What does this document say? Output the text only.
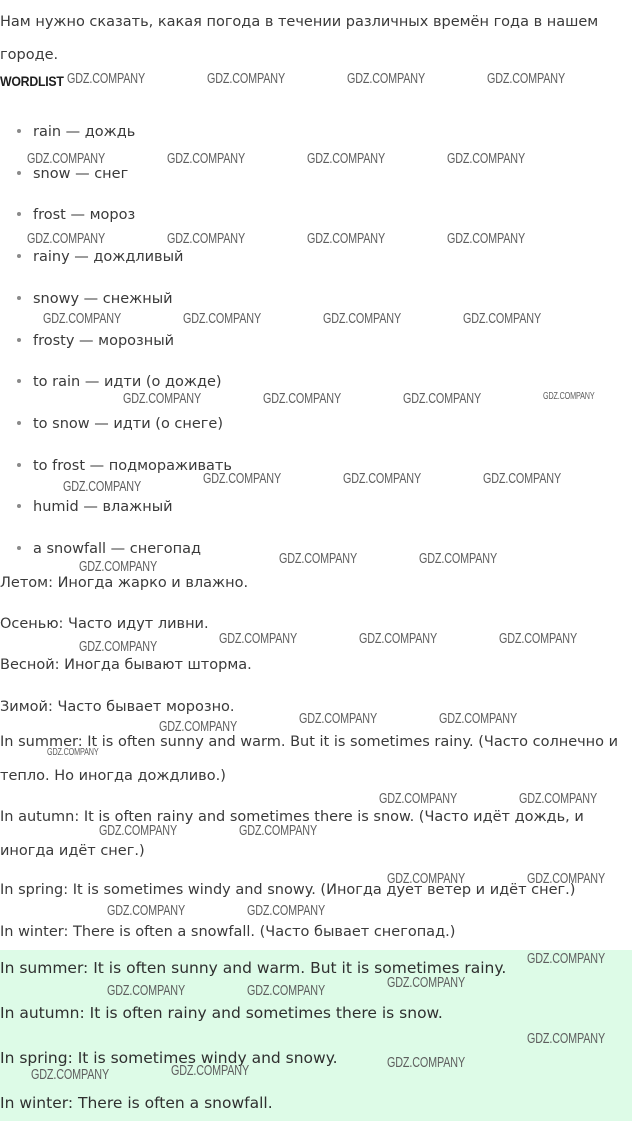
Нам нужно сказать, какая погода в течении различных времён года в нашем городе.

WORDLIST
rain — дождь
snow — снег
frost — мороз
rainy — дождливый
snowy — снежный
frosty — морозный
to rain — идти (о дожде)
to snow — идти (о снеге)
to frost — подмораживать
humid — влажный
a snowfall — снегопад
Летом: Иногда жарко и влажно.
Осенью: Часто идут ливни.
Весной: Иногда бывают шторма.
Зимой: Часто бывает морозно.

In summer: It is often sunny and warm. But it is sometimes rainy. (Часто солнечно и тепло. Но иногда дождливо.)

In autumn: It is often rainy and sometimes there is snow. (Часто идёт дождь, и иногда идёт снег.)

In spring: It is sometimes windy and snowy. (Иногда дует ветер и идёт снег.)
In winter: There is often a snowfall. (Часто бывает снегопад.)
In summer: It is often sunny and warm. But it is sometimes rainy.
In autumn: It is often rainy and sometimes there is snow.
In spring: It is sometimes windy and snowy.
In winter: There is often a snowfall.
GDZ.COMPANY	GDZ.COMPANY	GDZ.COMPANY	GDZ.COMPANY
GDZ.COMPANY	GDZ.COMPANY	GDZ.COMPANY	GDZ.COMPANY
GDZ.COMPANY	GDZ.COMPANY	GDZ.COMPANY	GDZ.COMPANY
GDZ.COMPANY	GDZ.COMPANY	GDZ.COMPANY	GDZ.COMPANY
GDZ.COMPANY	GDZ.COMPANY	GDZ.COMPANY	GDZ.COMPANY
GDZ.COMPANY	GDZ.COMPANY	GDZ.COMPANY	GDZ.COMPANY
GDZ.COMPANY	GDZ.COMPANY	GDZ.COMPANY
GDZ.COMPANY	GDZ.COMPANY	GDZ.COMPANY	GDZ.COMPANY
GDZ.COMPANY	GDZ.COMPANY	GDZ.COMPANY
GDZ.COMPANY
GDZ.COMPANY	GDZ.COMPANY
GDZ.COMPANY	GDZ.COMPANY
GDZ.COMPANY	GDZ.COMPANY
GDZ.COMPANY	GDZ.COMPANY
GDZ.COMPANY
GDZ.COMPANY
GDZ.COMPANY	GDZ.COMPANY
GDZ.COMPANY
GDZ.COMPANY
GDZ.COMPANY	GDZ.COMPANY
